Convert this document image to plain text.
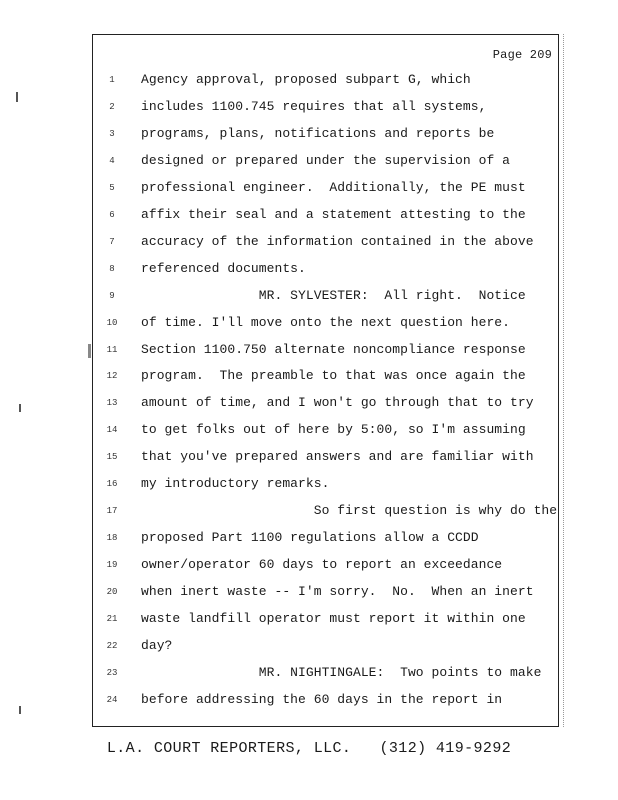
Page 209
1	Agency approval, proposed subpart G, which
2	includes 1100.745 requires that all systems,
3	programs, plans, notifications and reports be
4	designed or prepared under the supervision of a
5	professional engineer.  Additionally, the PE must
6	affix their seal and a statement attesting to the
7	accuracy of the information contained in the above
8	referenced documents.
9	MR. SYLVESTER:  All right.  Notice
10	of time. I'll move onto the next question here.
11	Section 1100.750 alternate noncompliance response
12	program.  The preamble to that was once again the
13	amount of time, and I won't go through that to try
14	to get folks out of here by 5:00, so I'm assuming
15	that you've prepared answers and are familiar with
16	my introductory remarks.
17	So first question is why do the
18	proposed Part 1100 regulations allow a CCDD
19	owner/operator 60 days to report an exceedance
20	when inert waste -- I'm sorry.  No.  When an inert
21	waste landfill operator must report it within one
22	day?
23	MR. NIGHTINGALE:  Two points to make
24	before addressing the 60 days in the report in
L.A. COURT REPORTERS, LLC.   (312) 419-9292
